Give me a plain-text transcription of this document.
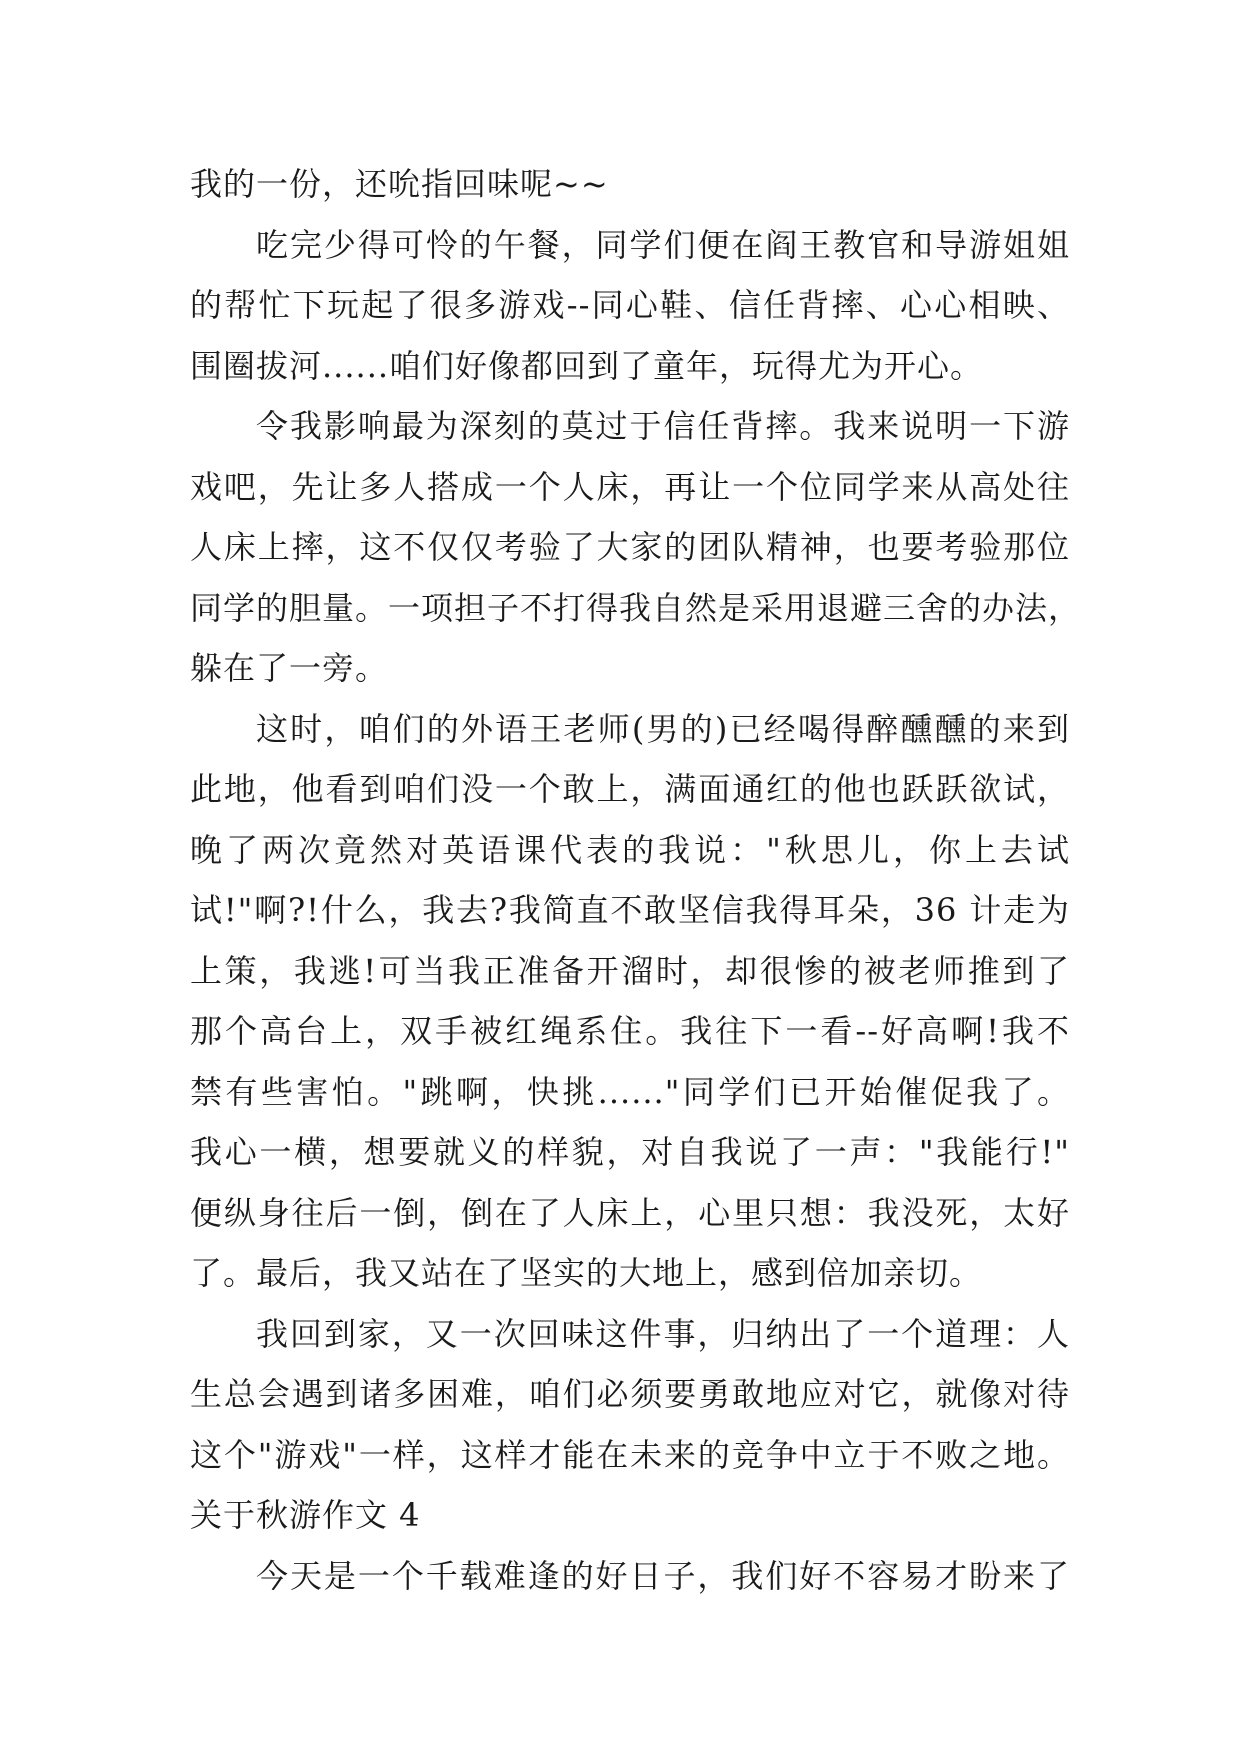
我的一份，还吮指回味呢~~
吃完少得可怜的午餐，同学们便在阎王教官和导游姐姐
的帮忙下玩起了很多游戏--同心鞋、信任背摔、心心相映、
围圈拔河......咱们好像都回到了童年，玩得尤为开心。
令我影响最为深刻的莫过于信任背摔。我来说明一下游
戏吧，先让多人搭成一个人床，再让一个位同学来从高处往
人床上摔，这不仅仅考验了大家的团队精神，也要考验那位
同学的胆量。一项担子不打得我自然是采用退避三舍的办法，
躲在了一旁。
这时，咱们的外语王老师(男的)已经喝得醉醺醺的来到
此地，他看到咱们没一个敢上，满面通红的他也跃跃欲试，
晚了两次竟然对英语课代表的我说："秋思儿，你上去试
试!"啊?!什么，我去?我简直不敢坚信我得耳朵，36 计走为
上策，我逃!可当我正准备开溜时，却很惨的被老师推到了
那个高台上，双手被红绳系住。我往下一看--好高啊!我不
禁有些害怕。"跳啊，快挑......"同学们已开始催促我了。
我心一横，想要就义的样貌，对自我说了一声："我能行!"
便纵身往后一倒，倒在了人床上，心里只想：我没死，太好
了。最后，我又站在了坚实的大地上，感到倍加亲切。
我回到家，又一次回味这件事，归纳出了一个道理：人
生总会遇到诸多困难，咱们必须要勇敢地应对它，就像对待
这个"游戏"一样，这样才能在未来的竞争中立于不败之地。
关于秋游作文 4
今天是一个千载难逢的好日子，我们好不容易才盼来了
